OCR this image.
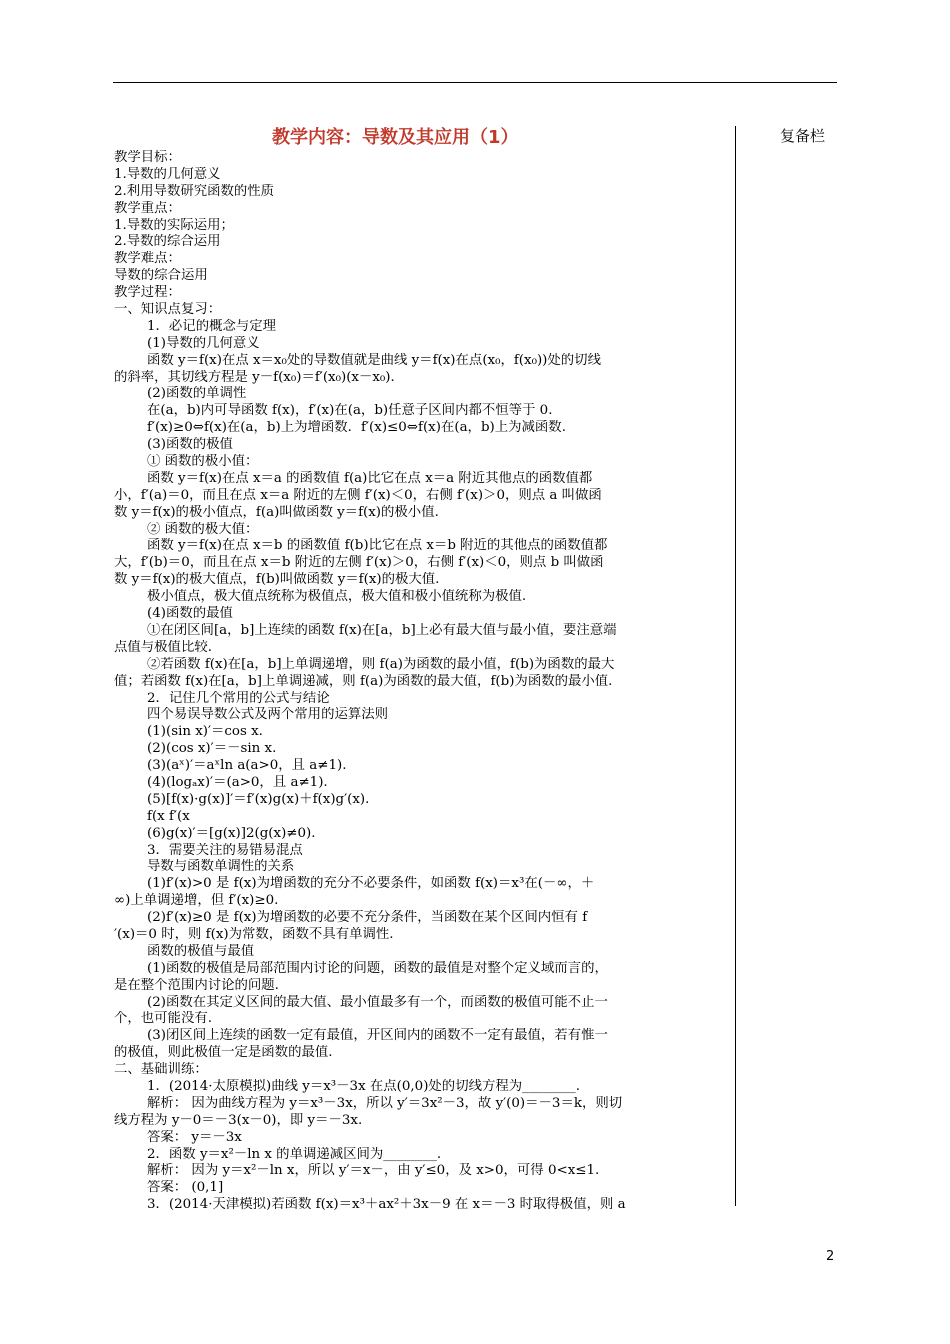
教学内容：导数及其应用（1）	复备栏
教学目标：
1.导数的几何意义
2.利用导数研究函数的性质
教学重点：
1.导数的实际运用；
2.导数的综合运用
教学难点：
导数的综合运用
教学过程：
一、知识点复习：
1．必记的概念与定理
(1)导数的几何意义
函数 y＝f(x)在点 x＝x₀处的导数值就是曲线 y＝f(x)在点(x₀，f(x₀))处的切线
的斜率，其切线方程是 y－f(x₀)＝f′(x₀)(x－x₀)．
(2)函数的单调性
在(a，b)内可导函数 f(x)，f′(x)在(a，b)任意子区间内都不恒等于 0.
f′(x)≥0⇔f(x)在(a，b)上为增函数．f′(x)≤0⇔f(x)在(a，b)上为减函数.
(3)函数的极值
① 函数的极小值：
函数 y＝f(x)在点 x＝a 的函数值 f(a)比它在点 x＝a 附近其他点的函数值都
小，f′(a)＝0，而且在点 x＝a 附近的左侧 f′(x)＜0，右侧 f′(x)＞0，则点 a 叫做函
数 y＝f(x)的极小值点，f(a)叫做函数 y＝f(x)的极小值.
② 函数的极大值：
函数 y＝f(x)在点 x＝b 的函数值 f(b)比它在点 x＝b 附近的其他点的函数值都
大，f′(b)＝0，而且在点 x＝b 附近的左侧 f′(x)＞0，右侧 f′(x)＜0，则点 b 叫做函
数 y＝f(x)的极大值点，f(b)叫做函数 y＝f(x)的极大值.
极小值点，极大值点统称为极值点，极大值和极小值统称为极值.
(4)函数的最值
①在闭区间[a，b]上连续的函数 f(x)在[a，b]上必有最大值与最小值，要注意端
点值与极值比较.
②若函数 f(x)在[a，b]上单调递增，则 f(a)为函数的最小值，f(b)为函数的最大
值；若函数 f(x)在[a，b]上单调递减，则 f(a)为函数的最大值，f(b)为函数的最小值.
2．记住几个常用的公式与结论
四个易误导数公式及两个常用的运算法则
(1)(sin x)′＝cos x.
(2)(cos x)′＝－sin x.
(3)(aˣ)′＝aˣln a(a>0，且 a≠1).
(4)(logₐx)′＝(a>0，且 a≠1).
(5)[f(x)·g(x)]′＝f′(x)g(x)＋f(x)g′(x).
f(x f′(x
(6)g(x)′＝[g(x)]2(g(x)≠0).
3．需要关注的易错易混点
导数与函数单调性的关系
(1)f′(x)>0 是 f(x)为增函数的充分不必要条件，如函数 f(x)＝x³在(－∞，＋
∞)上单调递增，但 f′(x)≥0.
(2)f′(x)≥0 是 f(x)为增函数的必要不充分条件，当函数在某个区间内恒有 f
′(x)＝0 时，则 f(x)为常数，函数不具有单调性.
函数的极值与最值
(1)函数的极值是局部范围内讨论的问题，函数的最值是对整个定义域而言的，
是在整个范围内讨论的问题.
(2)函数在其定义区间的最大值、最小值最多有一个，而函数的极值可能不止一
个，也可能没有.
(3)闭区间上连续的函数一定有最值，开区间内的函数不一定有最值，若有惟一
的极值，则此极值一定是函数的最值.
二、基础训练：
1．(2014·太原模拟)曲线 y＝x³－3x 在点(0,0)处的切线方程为________.
解析： 因为曲线方程为 y＝x³－3x，所以 y′＝3x²－3，故 y′(0)＝－3＝k，则切
线方程为 y－0＝－3(x－0)，即 y＝－3x.
答案： y＝－3x
2．函数 y＝x²－ln x 的单调递减区间为________.
解析： 因为 y＝x²－ln x，所以 y′＝x－，由 y′≤0，及 x>0，可得 0<x≤1.
答案： (0,1]
3．(2014·天津模拟)若函数 f(x)＝x³＋ax²＋3x－9 在 x＝－3 时取得极值，则 a
2
